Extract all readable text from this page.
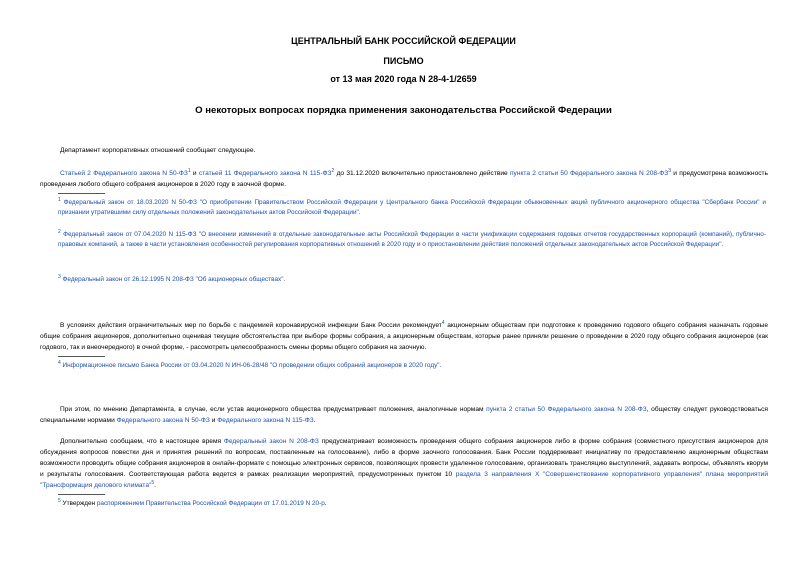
ЦЕНТРАЛЬНЫЙ БАНК РОССИЙСКОЙ ФЕДЕРАЦИИ
ПИСЬМО
от 13 мая 2020 года N 28-4-1/2659
О некоторых вопросах порядка применения законодательства Российской Федерации
Департамент корпоративных отношений сообщает следующее.
Статьей 2 Федерального закона N $50-ФЗ^1$ и статьей 11 Федерального закона N $115-ФЗ^2$ до 31.12.2020 включительно приостановлено действие пункта 2 статьи 50 Федерального закона N $208-ФЗ^3$ и предусмотрена возможность проведения любого общего собрания акционеров в 2020 году в заочной форме.
$^1$ Федеральный закон от 18.03.2020 N 50-ФЗ "О приобретении Правительством Российской Федерации у Центрального банка Российской Федерации обыкновенных акций публичного акционерного общества "Сбербанк России" и признании утратившими силу отдельных положений законодательных актов Российской Федерации".
$^2$ Федеральный закон от 07.04.2020 N 115-ФЗ "О внесении изменений в отдельные законодательные акты Российской Федерации в части унификации содержания годовых отчетов государственных корпораций (компаний), публично-правовых компаний, а также в части установления особенностей регулирования корпоративных отношений в 2020 году и о приостановлении действия положений отдельных законодательных актов Российской Федерации".
$^3$ Федеральный закон от 26.12.1995 N 208-ФЗ "Об акционерных обществах".
В условиях действия ограничительных мер по борьбе с пандемией коронавирусной инфекции Банк России рекомендует$^4$ акционерным обществам при подготовке к проведению годового общего собрания назначать годовые общие собрания акционеров, дополнительно оценивая текущие обстоятельства при выборе формы собрания, а акционерным обществам, которые ранее приняли решение о проведении в 2020 году общего собрания акционеров (как годового, так и внеочередного) в очной форме, - рассмотреть целесообразность смены формы общего собрания на заочную.
$^4$ Информационное письмо Банка России от 03.04.2020 N ИН-06-28/48 "О проведении общих собраний акционеров в 2020 году".
При этом, по мнению Департамента, в случае, если устав акционерного общества предусматривает положения, аналогичные нормам пункта 2 статьи 50 Федерального закона N 208-ФЗ, обществу следует руководствоваться специальными нормами Федерального закона N 50-ФЗ и Федерального закона N 115-ФЗ.
Дополнительно сообщаем, что в настоящее время Федеральный закон N 208-ФЗ предусматривает возможность проведения общего собрания акционеров либо в форме собрания (совместного присутствия акционеров для обсуждения вопросов повестки дня и принятия решений по вопросам, поставленным на голосование), либо в форме заочного голосования. Банк России поддерживает инициативу по предоставлению акционерным обществам возможности проводить общие собрания акционеров в онлайн-формате с помощью электронных сервисов, позволяющих провести удаленное голосование, организовать трансляцию выступлений, задавать вопросы, объявлять кворум и результаты голосования. Соответствующая работа ведется в рамках реализации мероприятий, предусмотренных пунктом 10 раздела 3 направления X "Совершенствование корпоративного управления" плана мероприятий "Трансформация делового климата"$^5$.
$^5$ Утвержден распоряжением Правительства Российской Федерации от 17.01.2019 N 20-р.
